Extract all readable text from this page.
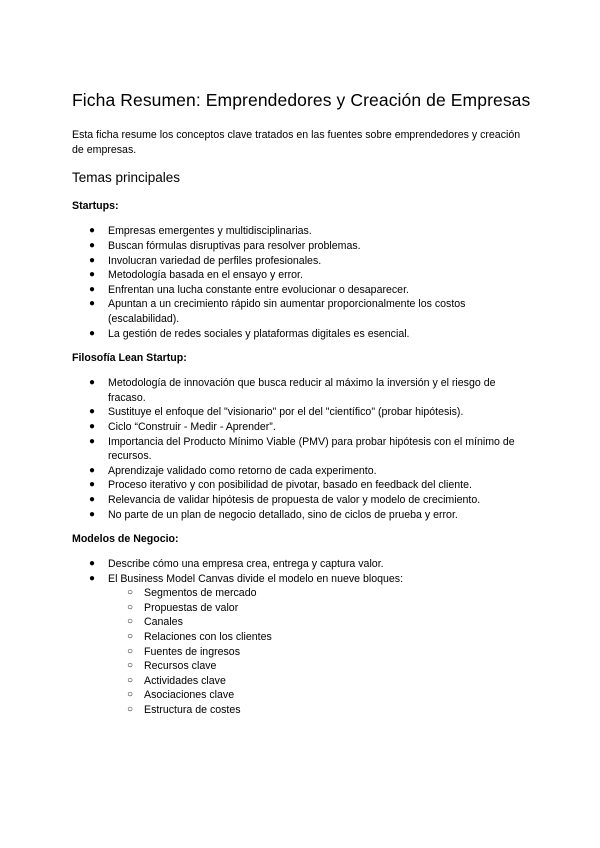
Ficha Resumen: Emprendedores y Creación de Empresas

Esta ficha resume los conceptos clave tratados en las fuentes sobre emprendedores y creación de empresas.

Temas principales
Startups:
● Empresas emergentes y multidisciplinarias.
● Buscan fórmulas disruptivas para resolver problemas.
● Involucran variedad de perfiles profesionales.
● Metodología basada en el ensayo y error.
● Enfrentan una lucha constante entre evolucionar o desaparecer.
● Apuntan a un crecimiento rápido sin aumentar proporcionalmente los costos (escalabilidad).
● La gestión de redes sociales y plataformas digitales es esencial.
Filosofía Lean Startup:
● Metodología de innovación que busca reducir al máximo la inversión y el riesgo de fracaso.
● Sustituye el enfoque del "visionario" por el del "científico" (probar hipótesis).
● Ciclo “Construir - Medir - Aprender”.
● Importancia del Producto Mínimo Viable (PMV) para probar hipótesis con el mínimo de recursos.
● Aprendizaje validado como retorno de cada experimento.
● Proceso iterativo y con posibilidad de pivotar, basado en feedback del cliente.
● Relevancia de validar hipótesis de propuesta de valor y modelo de crecimiento.
● No parte de un plan de negocio detallado, sino de ciclos de prueba y error.
Modelos de Negocio:
● Describe cómo una empresa crea, entrega y captura valor.
● El Business Model Canvas divide el modelo en nueve bloques:
○ Segmentos de mercado
○ Propuestas de valor
○ Canales
○ Relaciones con los clientes
○ Fuentes de ingresos
○ Recursos clave
○ Actividades clave
○ Asociaciones clave
○ Estructura de costes
